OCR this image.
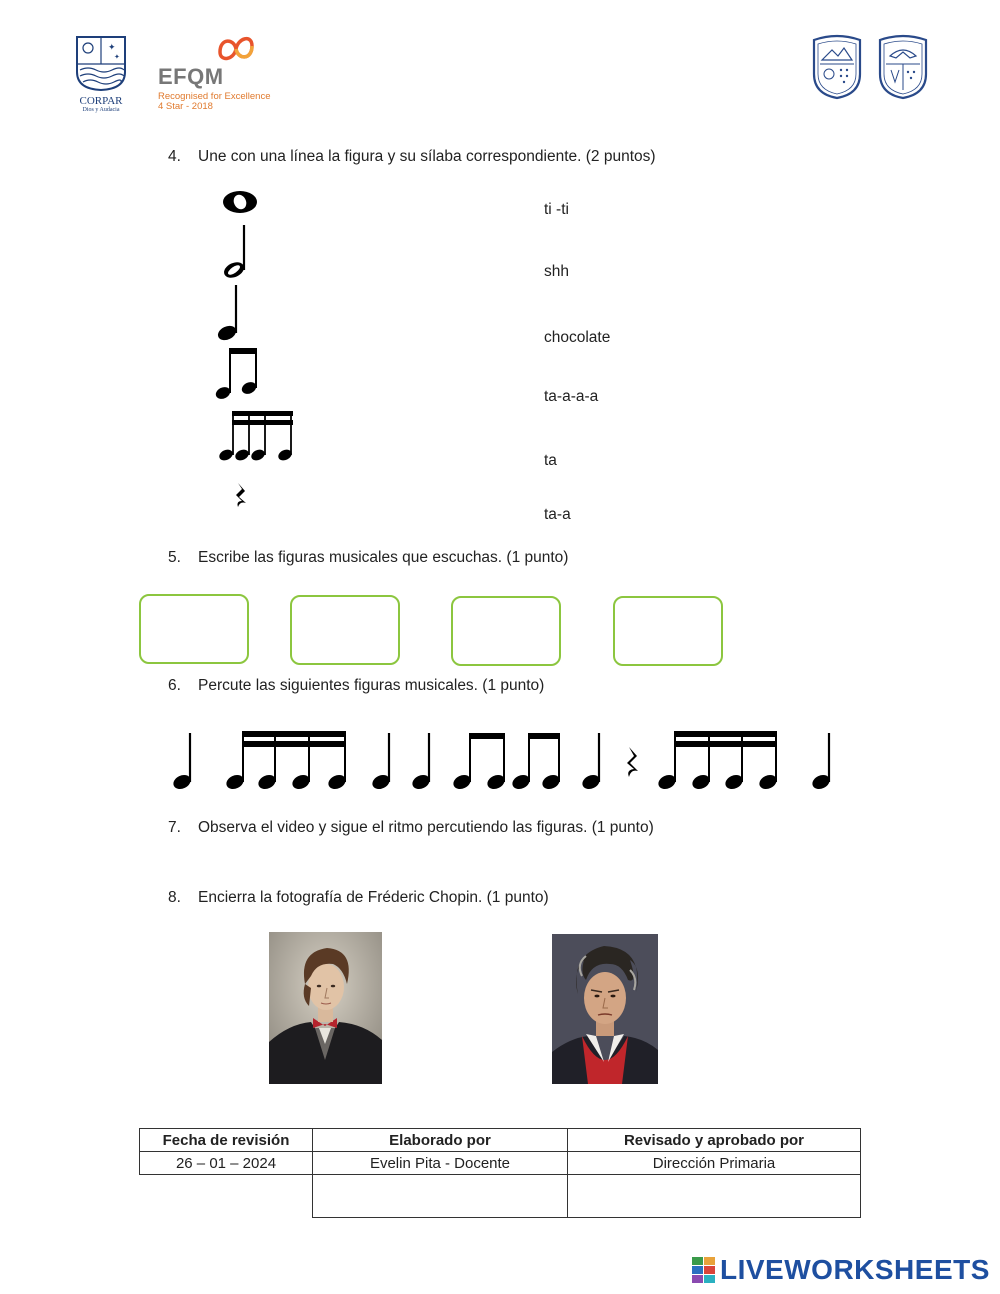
✦
✦
CORPAR
Dios y Audacia
EFQM
Recognised for Excellence
4 Star - 2018
4. Une con una línea la figura y su sílaba correspondiente. (2 puntos)
ti -ti
shh
chocolate
ta-a-a-a
ta
ta-a
5. Escribe las figuras musicales que escuchas. (1 punto)
6. Percute las siguientes figuras musicales. (1 punto)
7. Observa el video y sigue el ritmo percutiendo las figuras. (1 punto)
8. Encierra la fotografía de Fréderic Chopin. (1 punto)
Fecha de revisión	Elaborado por	Revisado y aprobado por
26 – 01 – 2024	Evelin Pita - Docente	Dirección Primaria

LIVEWORKSHEETS
